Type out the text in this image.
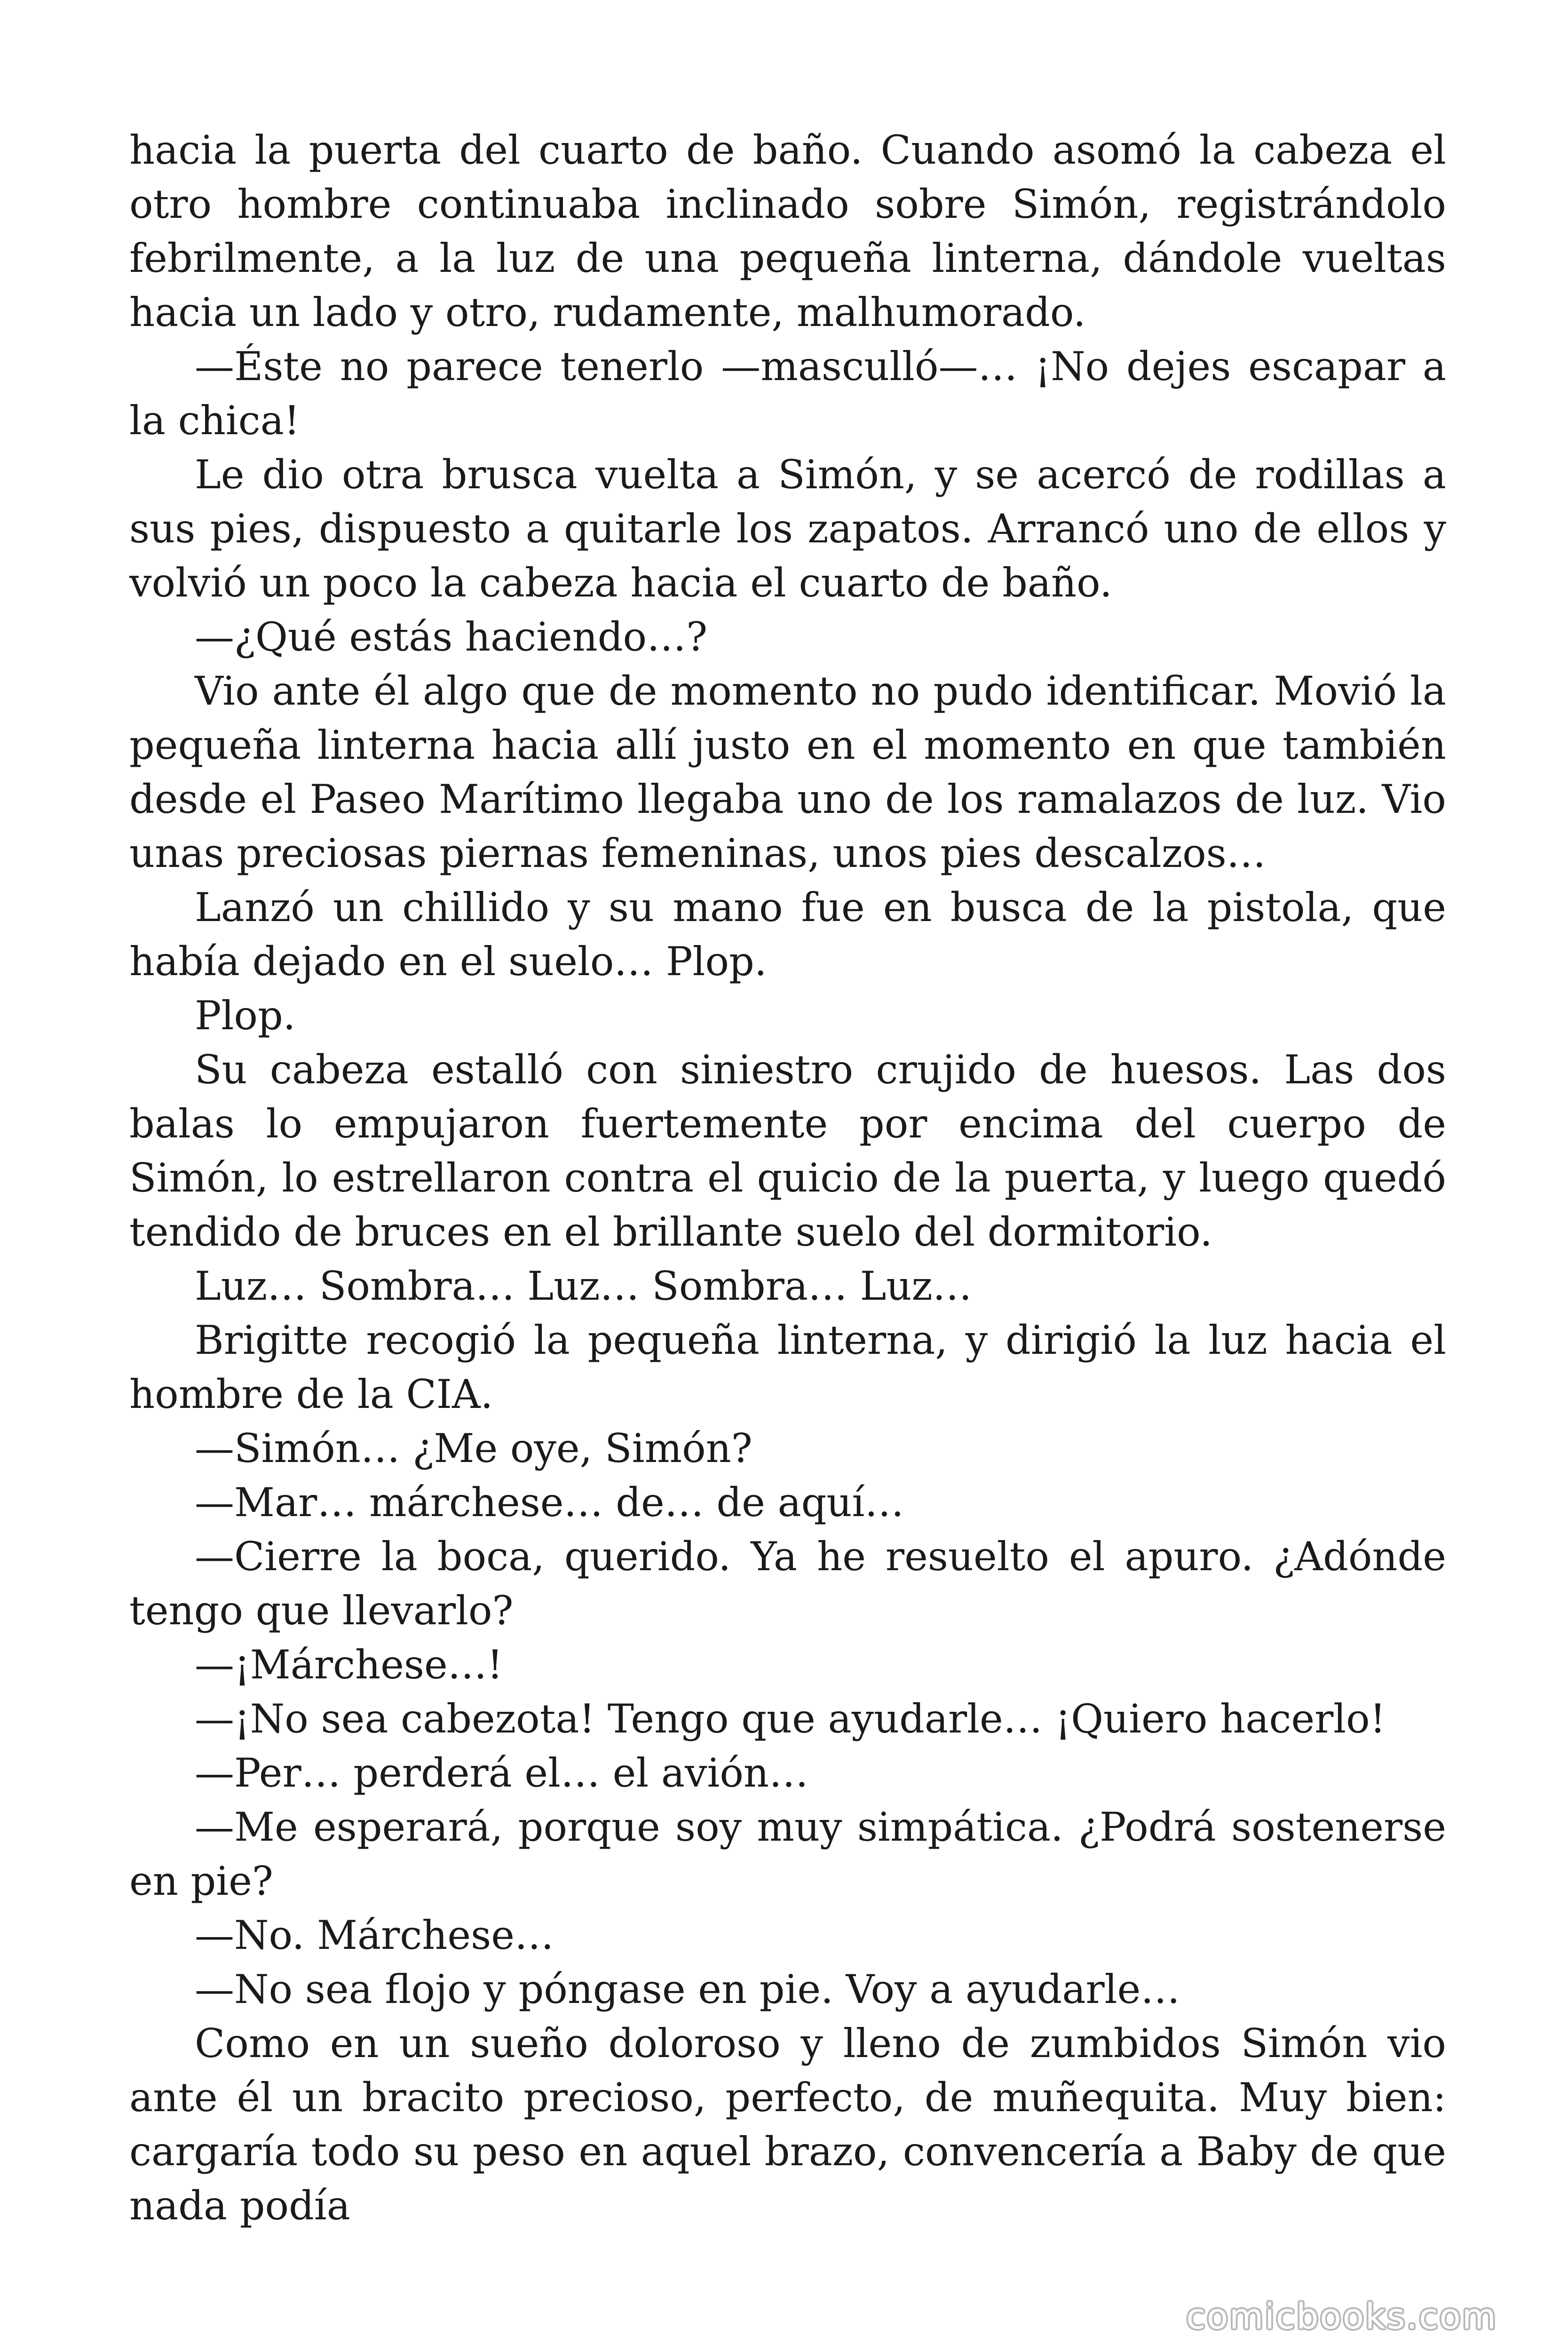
hacia la puerta del cuarto de baño. Cuando asomó la cabeza el otro hombre continuaba inclinado sobre Simón, registrándolo febrilmente, a la luz de una pequeña linterna, dándole vueltas hacia un lado y otro, rudamente, malhumorado.

—Éste no parece tenerlo —masculló—… ¡No dejes escapar a la chica!

Le dio otra brusca vuelta a Simón, y se acercó de rodillas a sus pies, dispuesto a quitarle los zapatos. Arrancó uno de ellos y volvió un poco la cabeza hacia el cuarto de baño.

—¿Qué estás haciendo…?

Vio ante él algo que de momento no pudo identificar. Movió la pequeña linterna hacia allí justo en el momento en que también desde el Paseo Marítimo llegaba uno de los ramalazos de luz. Vio unas preciosas piernas femeninas, unos pies descalzos…

Lanzó un chillido y su mano fue en busca de la pistola, que había dejado en el suelo… Plop.

Plop.

Su cabeza estalló con siniestro crujido de huesos. Las dos balas lo empujaron fuertemente por encima del cuerpo de Simón, lo estrellaron contra el quicio de la puerta, y luego quedó tendido de bruces en el brillante suelo del dormitorio.

Luz… Sombra… Luz… Sombra… Luz…

Brigitte recogió la pequeña linterna, y dirigió la luz hacia el hombre de la CIA.

—Simón… ¿Me oye, Simón?

—Mar… márchese… de… de aquí…

—Cierre la boca, querido. Ya he resuelto el apuro. ¿Adónde tengo que llevarlo?

—¡Márchese…!

—¡No sea cabezota! Tengo que ayudarle… ¡Quiero hacerlo!

—Per… perderá el… el avión…

—Me esperará, porque soy muy simpática. ¿Podrá sostenerse en pie?

—No. Márchese…

—No sea flojo y póngase en pie. Voy a ayudarle…

Como en un sueño doloroso y lleno de zumbidos Simón vio ante él un bracito precioso, perfecto, de muñequita. Muy bien: cargaría todo su peso en aquel brazo, convencería a Baby de que nada podía

comicbooks.com
